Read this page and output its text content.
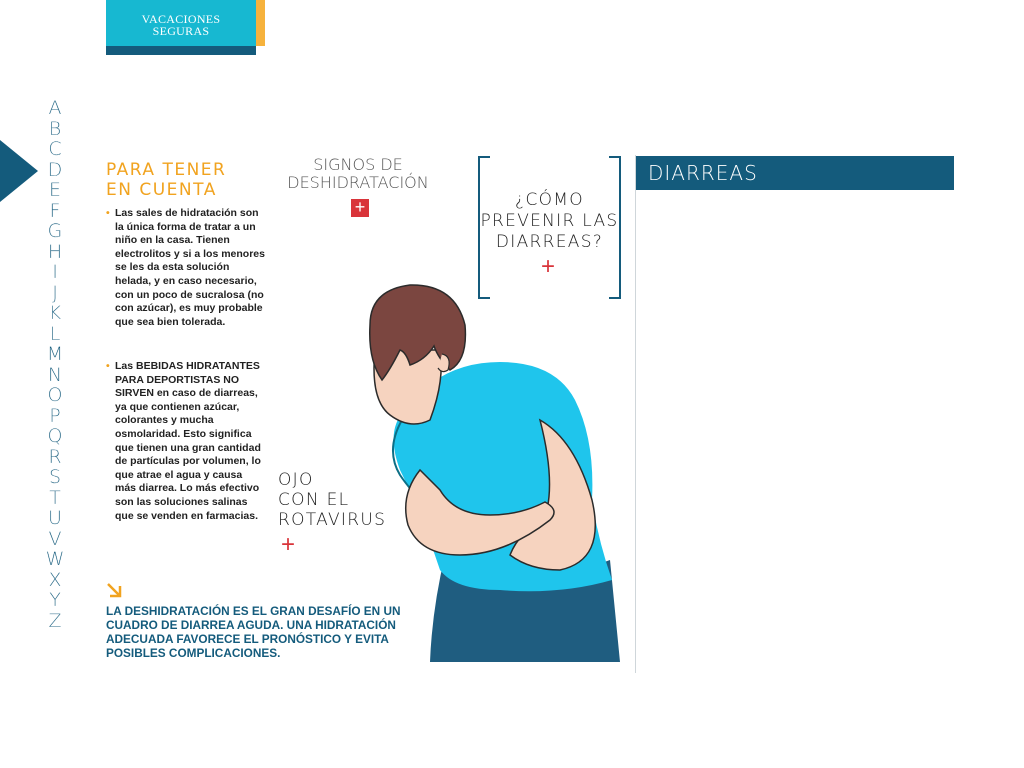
VACACIONES
SEGURAS
A
B
C
D
E
F
G
H
I
J
K
L
M
N
O
P
Q
R
S
T
U
V
W
X
Y
Z
PARA TENER
EN CUENTA
• Las sales de hidratación son la única forma de tratar a un niño en la casa. Tienen electrolitos y si a los menores se les da esta solución helada, y en caso necesario, con un poco de sucralosa (no con azúcar), es muy probable que sea bien tolerada.
• Las BEBIDAS HIDRATANTES PARA DEPORTISTAS NO SIRVEN en caso de diarreas, ya que contienen azúcar, colorantes y mucha osmolaridad. Esto significa que tienen una gran cantidad de partículas por volumen, lo que atrae el agua y causa más diarrea. Lo más efectivo son las soluciones salinas que se venden en farmacias.
LA DESHIDRATACIÓN ES EL GRAN DESAFÍO EN UN CUADRO DE DIARREA AGUDA. UNA HIDRATACIÓN ADECUADA FAVORECE EL PRONÓSTICO Y EVITA POSIBLES COMPLICACIONES.
SIGNOS DE
DESHIDRATACIÓN
+	¿CÓMO
PREVENIR LAS
DIARREAS?
+
OJO
CON EL
ROTAVIRUS
+
DIARREAS
